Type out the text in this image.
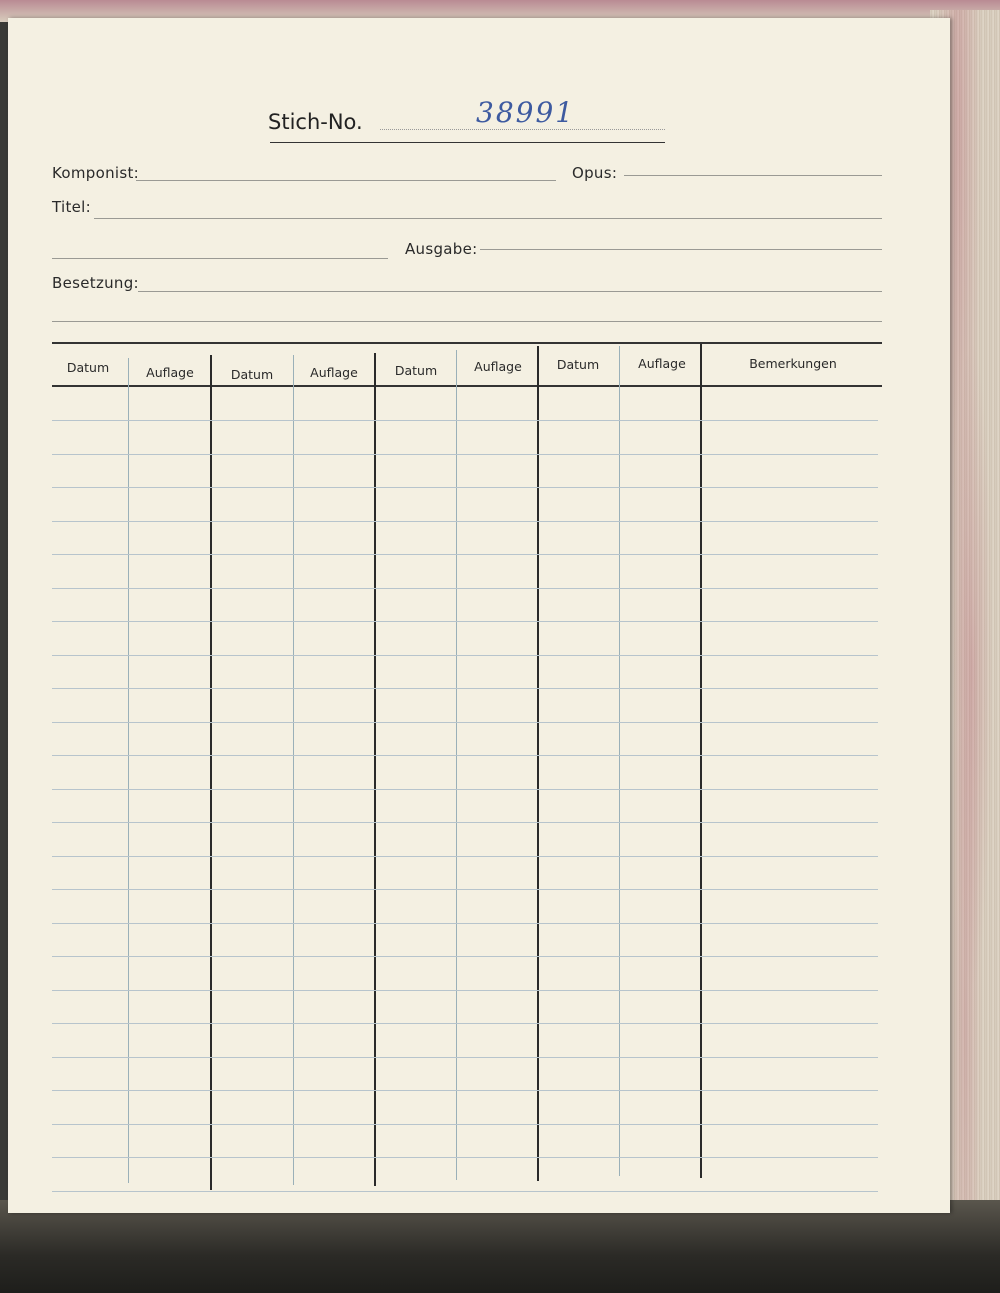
Stich-No.	38991
Komponist:	Opus:
Titel:
Ausgabe:
Besetzung:
Datum	Auflage	Datum	Auflage	Datum	Auflage	Datum	Auflage	Bemerkungen
